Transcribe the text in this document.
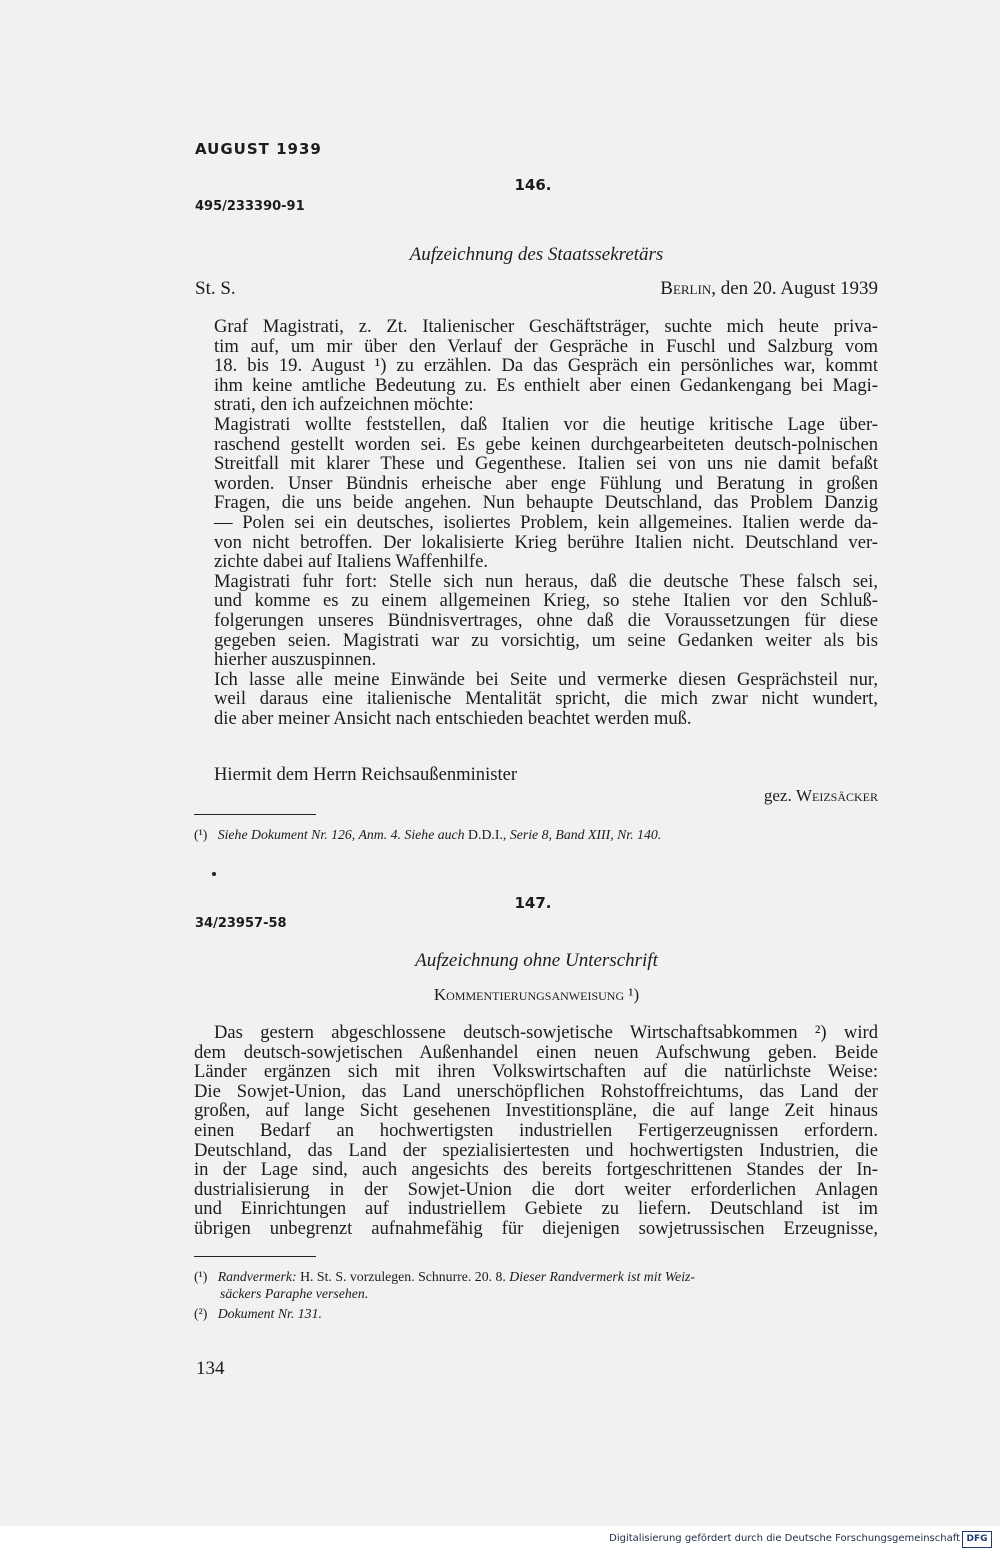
AUGUST 1939
146.
495/233390-91
Aufzeichnung des Staatssekretärs
St. S.	Berlin, den 20. August 1939

Graf Magistrati, z. Zt. Italienischer Geschäftsträger, suchte mich heute priva-
tim auf, um mir über den Verlauf der Gespräche in Fuschl und Salzburg vom
18. bis 19. August ¹) zu erzählen. Da das Gespräch ein persönliches war, kommt
ihm keine amtliche Bedeutung zu. Es enthielt aber einen Gedankengang bei Magi-
strati, den ich aufzeichnen möchte:

Magistrati wollte feststellen, daß Italien vor die heutige kritische Lage über-
raschend gestellt worden sei. Es gebe keinen durchgearbeiteten deutsch-polnischen
Streitfall mit klarer These und Gegenthese. Italien sei von uns nie damit befaßt
worden. Unser Bündnis erheische aber enge Fühlung und Beratung in großen
Fragen, die uns beide angehen. Nun behaupte Deutschland, das Problem Danzig
— Polen sei ein deutsches, isoliertes Problem, kein allgemeines. Italien werde da-
von nicht betroffen. Der lokalisierte Krieg berühre Italien nicht. Deutschland ver-
zichte dabei auf Italiens Waffenhilfe.

Magistrati fuhr fort: Stelle sich nun heraus, daß die deutsche These falsch sei,
und komme es zu einem allgemeinen Krieg, so stehe Italien vor den Schluß-
folgerungen unseres Bündnisvertrages, ohne daß die Voraussetzungen für diese
gegeben seien. Magistrati war zu vorsichtig, um seine Gedanken weiter als bis
hierher auszuspinnen.

Ich lasse alle meine Einwände bei Seite und vermerke diesen Gesprächsteil nur,
weil daraus eine italienische Mentalität spricht, die mich zwar nicht wundert,
die aber meiner Ansicht nach entschieden beachtet werden muß.

Hiermit dem Herrn Reichsaußenminister
gez. Weizsäcker
(¹) Siehe Dokument Nr. 126, Anm. 4. Siehe auch D.D.I., Serie 8, Band XIII, Nr. 140.
147.
34/23957-58
Aufzeichnung ohne Unterschrift
Kommentierungsanweisung ¹)

Das gestern abgeschlossene deutsch-sowjetische Wirtschaftsabkommen ²) wird
dem deutsch-sowjetischen Außenhandel einen neuen Aufschwung geben. Beide
Länder ergänzen sich mit ihren Volkswirtschaften auf die natürlichste Weise:
Die Sowjet-Union, das Land unerschöpflichen Rohstoffreichtums, das Land der
großen, auf lange Sicht gesehenen Investitionspläne, die auf lange Zeit hinaus
einen Bedarf an hochwertigsten industriellen Fertigerzeugnissen erfordern.
Deutschland, das Land der spezialisiertesten und hochwertigsten Industrien, die
in der Lage sind, auch angesichts des bereits fortgeschrittenen Standes der In-
dustrialisierung in der Sowjet-Union die dort weiter erforderlichen Anlagen
und Einrichtungen auf industriellem Gebiete zu liefern. Deutschland ist im
übrigen unbegrenzt aufnahmefähig für diejenigen sowjetrussischen Erzeugnisse,

(¹) Randvermerk: H. St. S. vorzulegen. Schnurre. 20. 8. Dieser Randvermerk ist mit Weiz-
säckers Paraphe versehen.
(²) Dokument Nr. 131.
134
Digitalisierung gefördert durch die Deutsche Forschungsgemeinschaft DFG
